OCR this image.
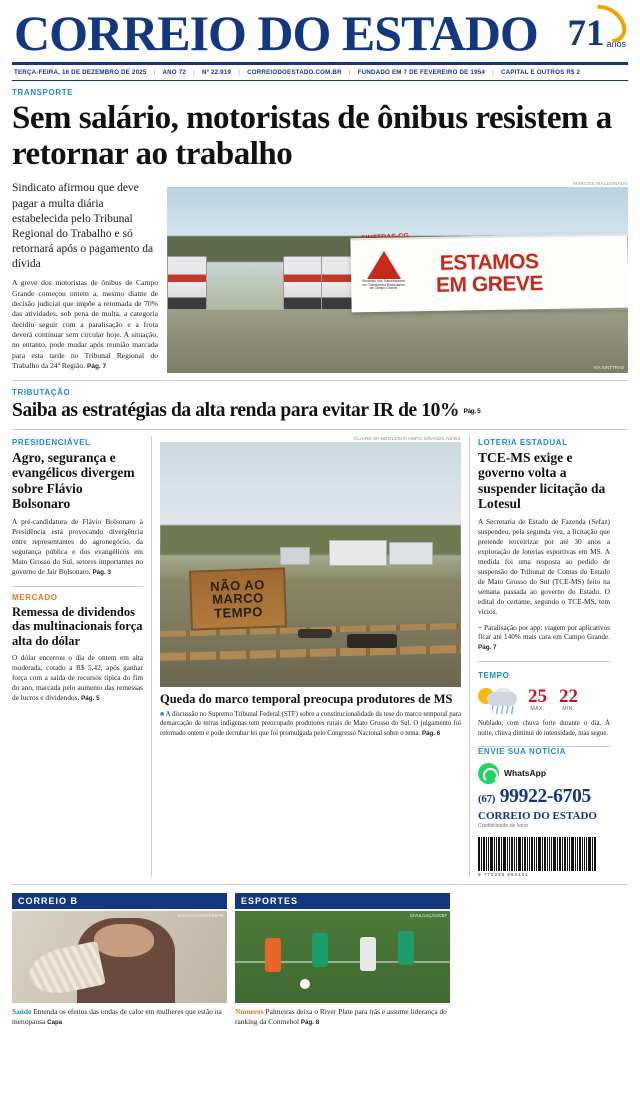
CORREIO DO ESTADO 71 anos
TERÇA-FEIRA, 16 DE DEZEMBRO DE 2025 | ANO 72 | Nº 22.919 | CORREIODOESTADO.COM.BR | FUNDADO EM 7 DE FEVEREIRO DE 1954 | CAPITAL E OUTROS R$ 2
TRANSPORTE
Sem salário, motoristas de ônibus resistem a retornar ao trabalho
Sindicato afirmou que deve pagar a multa diária estabelecida pelo Tribunal Regional do Trabalho e só retornará após o pagamento da dívida
A greve dos motoristas de ônibus de Campo Grande começou ontem a, mesmo diante de decisão judicial que impõe a retomada de 70% das atividades, sob pena de multa, a categoria decidiu seguir com a paralisação e a frota deverá continuar sem circular hoje. A situação, no entanto, pode mudar após reunião marcada para esta tarde no Tribunal Regional do Trabalho da 24ª Região. Pág. 7
MARCOS MALDONADO
ESTAMOS
EM GREVE
Sindicato dos Trabalhadores em Transportes Rodoviários de Campo Grande
VIA SINTTRAS
TRIBUTAÇÃO
Saiba as estratégias da alta renda para evitar IR de 10% Pág. 5
PRESIDENCIÁVEL
Agro, segurança e evangélicos divergem sobre Flávio Bolsonaro
A pré-candidatura de Flávio Bolsonaro à Presidência está provocando divergência entre representantes do agronegócio, da segurança pública e dos evangélicos em Mato Grosso do Sul, setores importantes no governo de Jair Bolsonaro. Pág. 3
MERCADO
Remessa de dividendos das multinacionais força alta do dólar
O dólar encerrou o dia de ontem em alta moderada, cotado a R$ 5,42, após ganhar força com a saída de recursos típica do fim do ano, marcada pelo aumento das remessas de lucros e dividendos. Pág. 5
CLAIRE MANDOLESI/CAMPO GRANDE NEWS
NÃO AO
MARCO
TEMPO
Queda do marco temporal preocupa produtores de MS
■ A discussão no Supremo Tribunal Federal (STF) sobre a constitucionalidade da tese do marco temporal para demarcação de terras indígenas tem preocupado produtores rurais de Mato Grosso do Sul. O julgamento foi retomado ontem e pode derrubar lei que foi promulgada pelo Congresso Nacional sobre o tema. Pág. 6
LOTERIA ESTADUAL
TCE-MS exige e governo volta a suspender licitação da Lotesul
A Secretaria de Estado de Fazenda (Sefaz) suspendeu, pela segunda vez, a licitação que pretende terceirizar por até 30 anos a exploração de loterias esportivas em MS. A medida foi uma resposta ao pedido de suspensão do Tribunal de Contas do Estado de Mato Grosso do Sul (TCE-MS) feito na semana passada ao governo do Estado. O edital do certame, segundo o TCE-MS, tem vícios.
+ Paralisação por app: viagem por aplicativos ficar até 140% mais cara em Campo Grande. Pág. 7
TEMPO
25
MÁX.
22
MÍN.
Nublado, com chuva forte durante o dia. À noite, chuva diminui de intensidade, mas segue.
ENVIE SUA NOTÍCIA
WhatsApp
(67) 99922-6705
CORREIO DO ESTADO
Credibilidade de leitor
9 772236 884121
CORREIO B
DIVULGAÇÃO/FREEPIK
Saúde Entenda os efeitos das ondas de calor em mulheres que estão na menopausa Capa
ESPORTES
DIVULGAÇÃO/CBF
Números Palmeiras deixa o River Plate para trás e assume liderança do ranking da Conmebol Pág. 8
